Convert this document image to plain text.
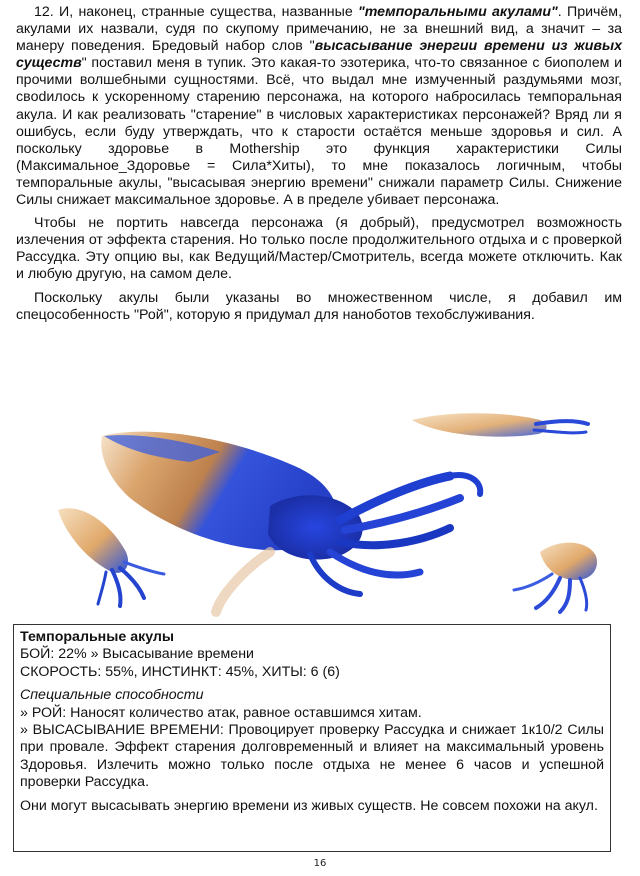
12. И, наконец, странные существа, названные "темпоральными акулами". Причём, акулами их назвали, судя по скупому примечанию, не за внешний вид, а значит – за манеру поведения. Бредовый набор слов "высасывание энергии времени из живых существ" поставил меня в тупик. Это какая-то эзотерика, что-то связанное с биополем и прочими волшебными сущностями. Всё, что выдал мне измученный раздумьями мозг, свodилось к ускоренному старению персонажа, на которого набросилась темпоральная акула. И как реализовать "старение" в числовых характеристиках персонажей? Вряд ли я ошибусь, если буду утверждать, что к старости остаётся меньше здоровья и сил. А поскольку здоровье в Mothership это функция характеристики Силы (Максимальное_Здоровье = Сила*Хиты), то мне показалось логичным, чтобы темпоральные акулы, "высасывая энергию времени" снижали параметр Силы. Снижение Силы снижает максимальное здоровье. А в пределе убивает персонажа.

Чтобы не портить навсегда персонажа (я добрый), предусмотрел возможность излечения от эффекта старения. Но только после продолжительного отдыха и с проверкой Рассудка. Эту опцию вы, как Ведущий/Мастер/Смотритель, всегда можете отключить. Как и любую другую, на самом деле.

Поскольку акулы были указаны во множественном числе, я добавил им спецособенность "Рой", которую я придумал для нанoботов техобслуживания.

Темпоральные акулы
БОЙ: 22% » Высасывание времени
СКОРОСТЬ: 55%, ИНСТИНКТ: 45%, ХИТЫ: 6 (6)
Специальные способности
» РОЙ: Наносят количество атак, равное оставшимся хитам.
» ВЫСАСЫВАНИЕ ВРЕМЕНИ: Провоцирует проверку Рассудка и снижает 1к10/2 Силы при провале. Эффект старения долговременный и влияет на максимальный уровень Здоровья. Излечить можно только после отдыха не менее 6 часов и успешной проверки Рассудка.
Они могут высасывать энергию времени из живых существ. Не совсем похожи на акул.
16
